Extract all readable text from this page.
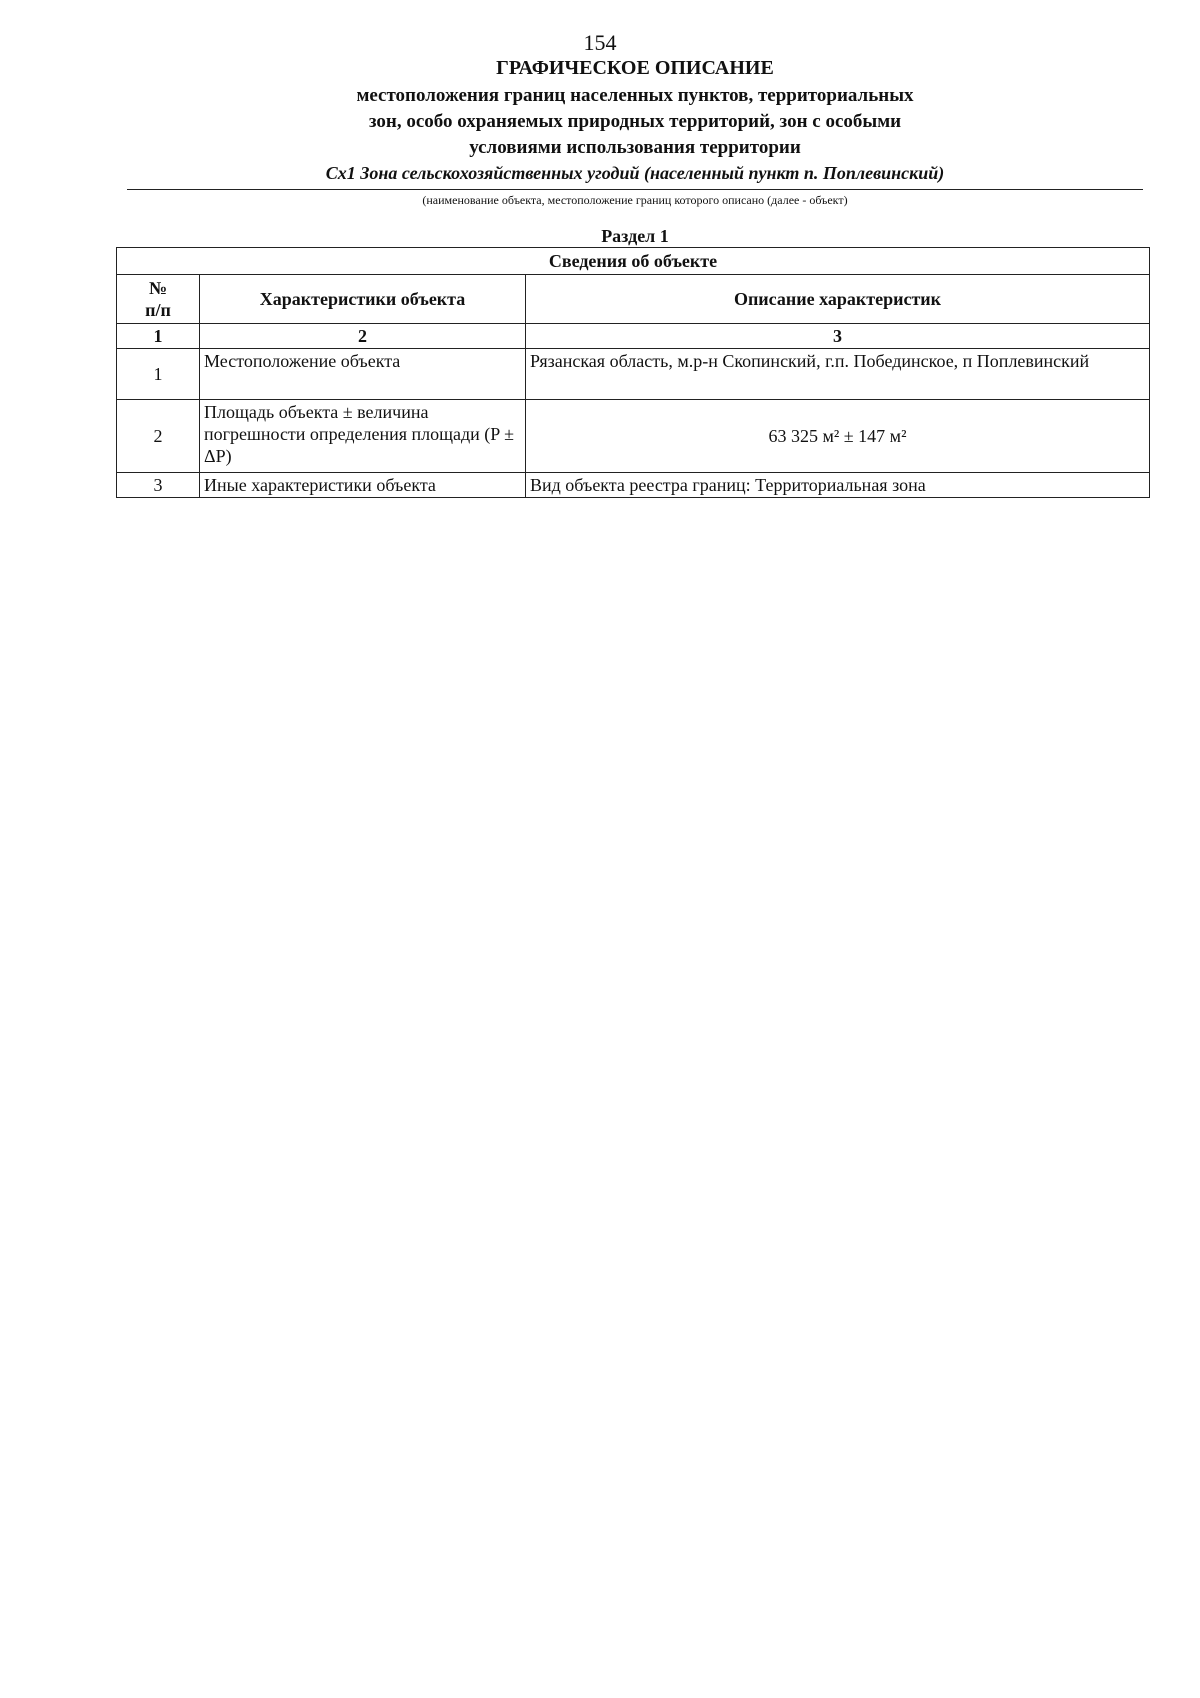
154
ГРАФИЧЕСКОЕ ОПИСАНИЕ
местоположения границ населенных пунктов, территориальных
зон, особо охраняемых природных территорий, зон с особыми
условиями использования территории
Сх1 Зона сельскохозяйственных угодий (населенный пункт п. Поплевинский)
(наименование объекта, местоположение границ которого описано (далее - объект)
Раздел 1
Сведения об объекте		
№
п/п	Характеристики объекта	Описание характеристик
1	2	3
1	Местоположение объекта	Рязанская область, м.р-н Скопинский, г.п. Побединское, п Поплевинский
2	Площадь объекта ± величина погрешности определения площади (P ± ΔP)	63 325 м² ± 147 м²
3	Иные характеристики объекта	Вид объекта реестра границ: Территориальная зона
